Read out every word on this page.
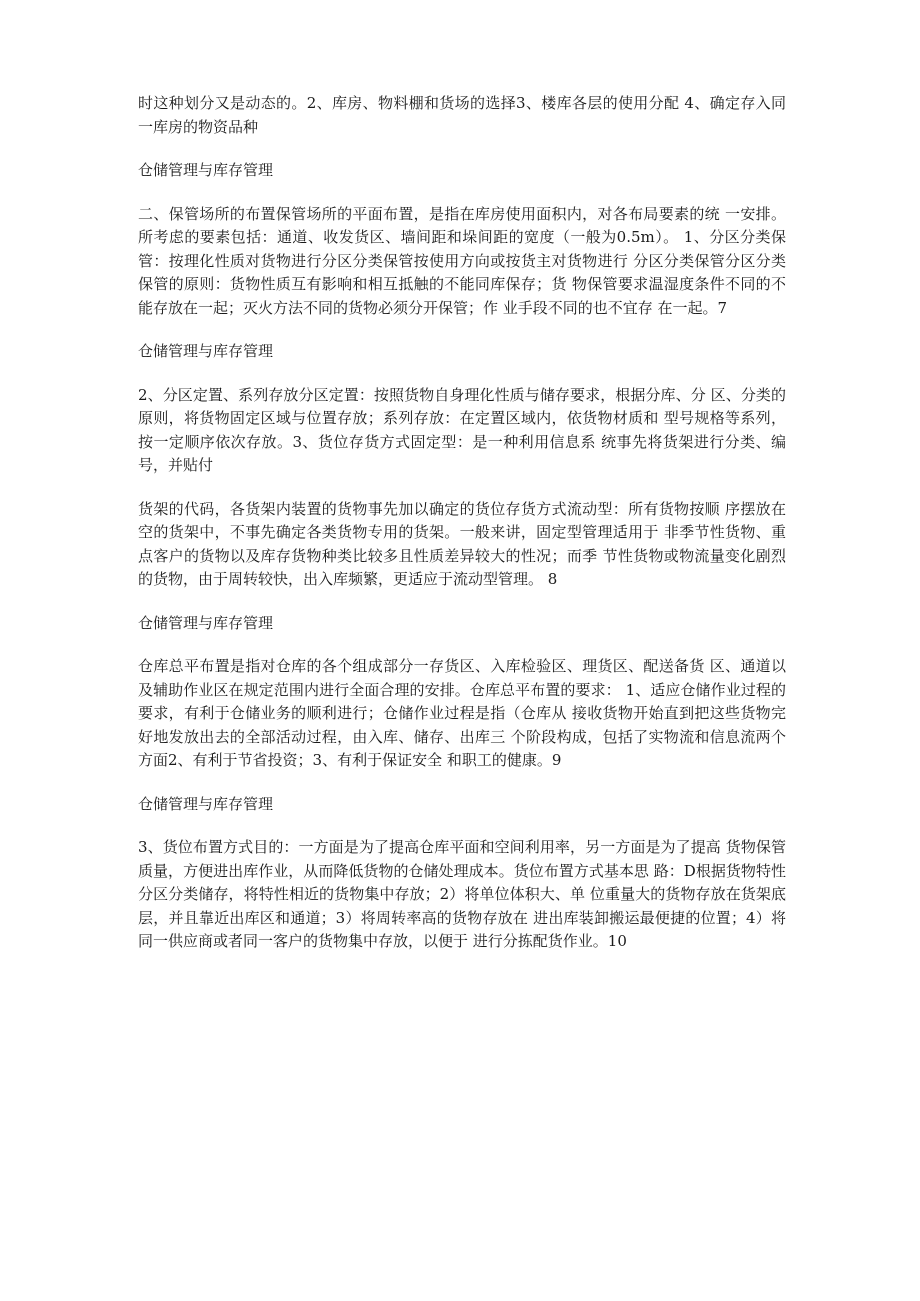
时这种划分又是动态的。2、库房、物料棚和货场的选择3、楼库各层的使用分配 4、确定存入同一库房的物资品种

仓储管理与库存管理

二、保管场所的布置保管场所的平面布置，是指在库房使用面积内，对各布局要素的统 一安排。所考虑的要素包括：通道、收发货区、墙间距和垛间距的宽度（一般为0.5m）。 1、分区分类保管：按理化性质对货物进行分区分类保管按使用方向或按货主对货物进行 分区分类保管分区分类保管的原则：货物性质互有影响和相互抵触的不能同库保存；货 物保管要求温湿度条件不同的不能存放在一起；灭火方法不同的货物必须分开保管；作 业手段不同的也不宜存 在一起。7

仓储管理与库存管理

2、分区定置、系列存放分区定置：按照货物自身理化性质与储存要求，根据分库、分 区、分类的原则，将货物固定区域与位置存放；系列存放：在定置区域内，依货物材质和 型号规格等系列，按一定顺序依次存放。3、货位存货方式固定型：是一种利用信息系 统事先将货架进行分类、编号，并贴付

货架的代码，各货架内装置的货物事先加以确定的货位存货方式流动型：所有货物按顺 序摆放在空的货架中，不事先确定各类货物专用的货架。一般来讲，固定型管理适用于 非季节性货物、重点客户的货物以及库存货物种类比较多且性质差异较大的性况；而季 节性货物或物流量变化剧烈的货物，由于周转较快，出入库频繁，更适应于流动型管理。 8

仓储管理与库存管理

仓库总平布置是指对仓库的各个组成部分一存货区、入库检验区、理货区、配送备货 区、通道以及辅助作业区在规定范围内进行全面合理的安排。仓库总平布置的要求： 1、适应仓储作业过程的要求，有利于仓储业务的顺利进行；仓储作业过程是指（仓库从 接收货物开始直到把这些货物完好地发放出去的全部活动过程，由入库、储存、出库三 个阶段构成，包括了实物流和信息流两个方面2、有利于节省投资；3、有利于保证安全 和职工的健康。9

仓储管理与库存管理

3、货位布置方式目的：一方面是为了提高仓库平面和空间利用率，另一方面是为了提高 货物保管质量，方便进出库作业，从而降低货物的仓储处理成本。货位布置方式基本思 路：D根据货物特性分区分类储存，将特性相近的货物集中存放；2）将单位体积大、单 位重量大的货物存放在货架底层，并且靠近出库区和通道；3）将周转率高的货物存放在 进出库装卸搬运最便捷的位置；4）将同一供应商或者同一客户的货物集中存放，以便于 进行分拣配货作业。10
